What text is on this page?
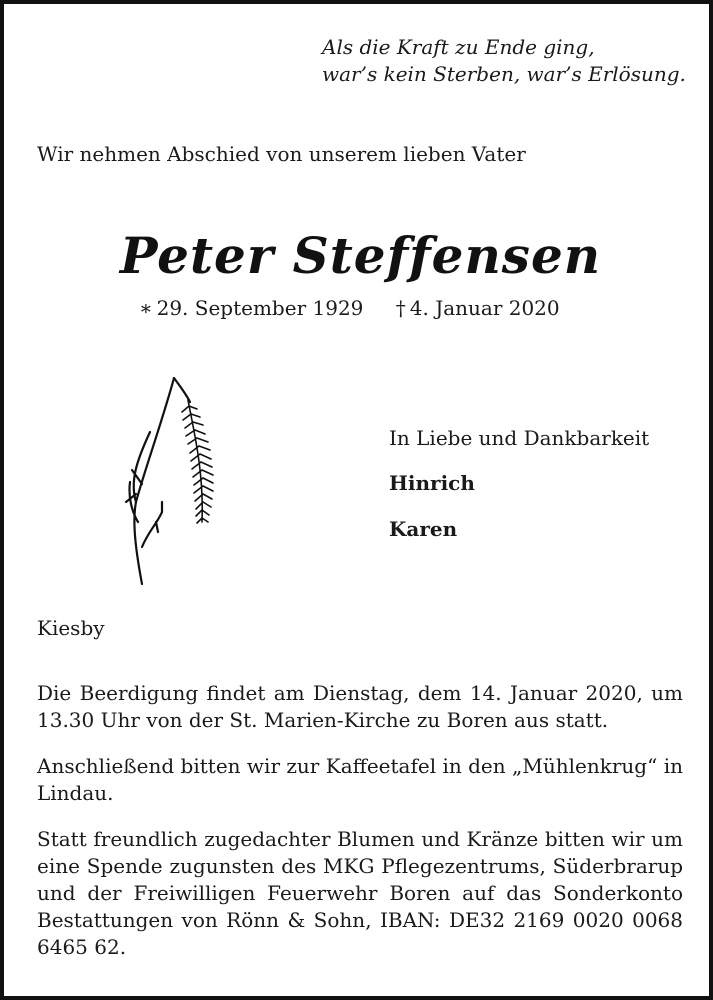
Als die Kraft zu Ende ging,
war’s kein Sterben, war’s Erlösung.
Wir nehmen Abschied von unserem lieben Vater
Peter Steffensen
∗ 29. September 1929 † 4. Januar 2020
In Liebe und Dankbarkeit
Hinrich
Karen
Kiesby
Die Beerdigung findet am Dienstag, dem 14. Januar 2020, um 13.30 Uhr von der St. Marien-Kirche zu Boren aus statt.
Anschließend bitten wir zur Kaffeetafel in den „Mühlenkrug“ in Lindau.
Statt freundlich zugedachter Blumen und Kränze bitten wir um eine Spende zugunsten des MKG Pflegezentrums, Süderbrarup und der Freiwilligen Feuerwehr Boren auf das Sonderkonto Bestattungen von Rönn & Sohn, IBAN: DE32 2169 0020 0068 6465 62.
